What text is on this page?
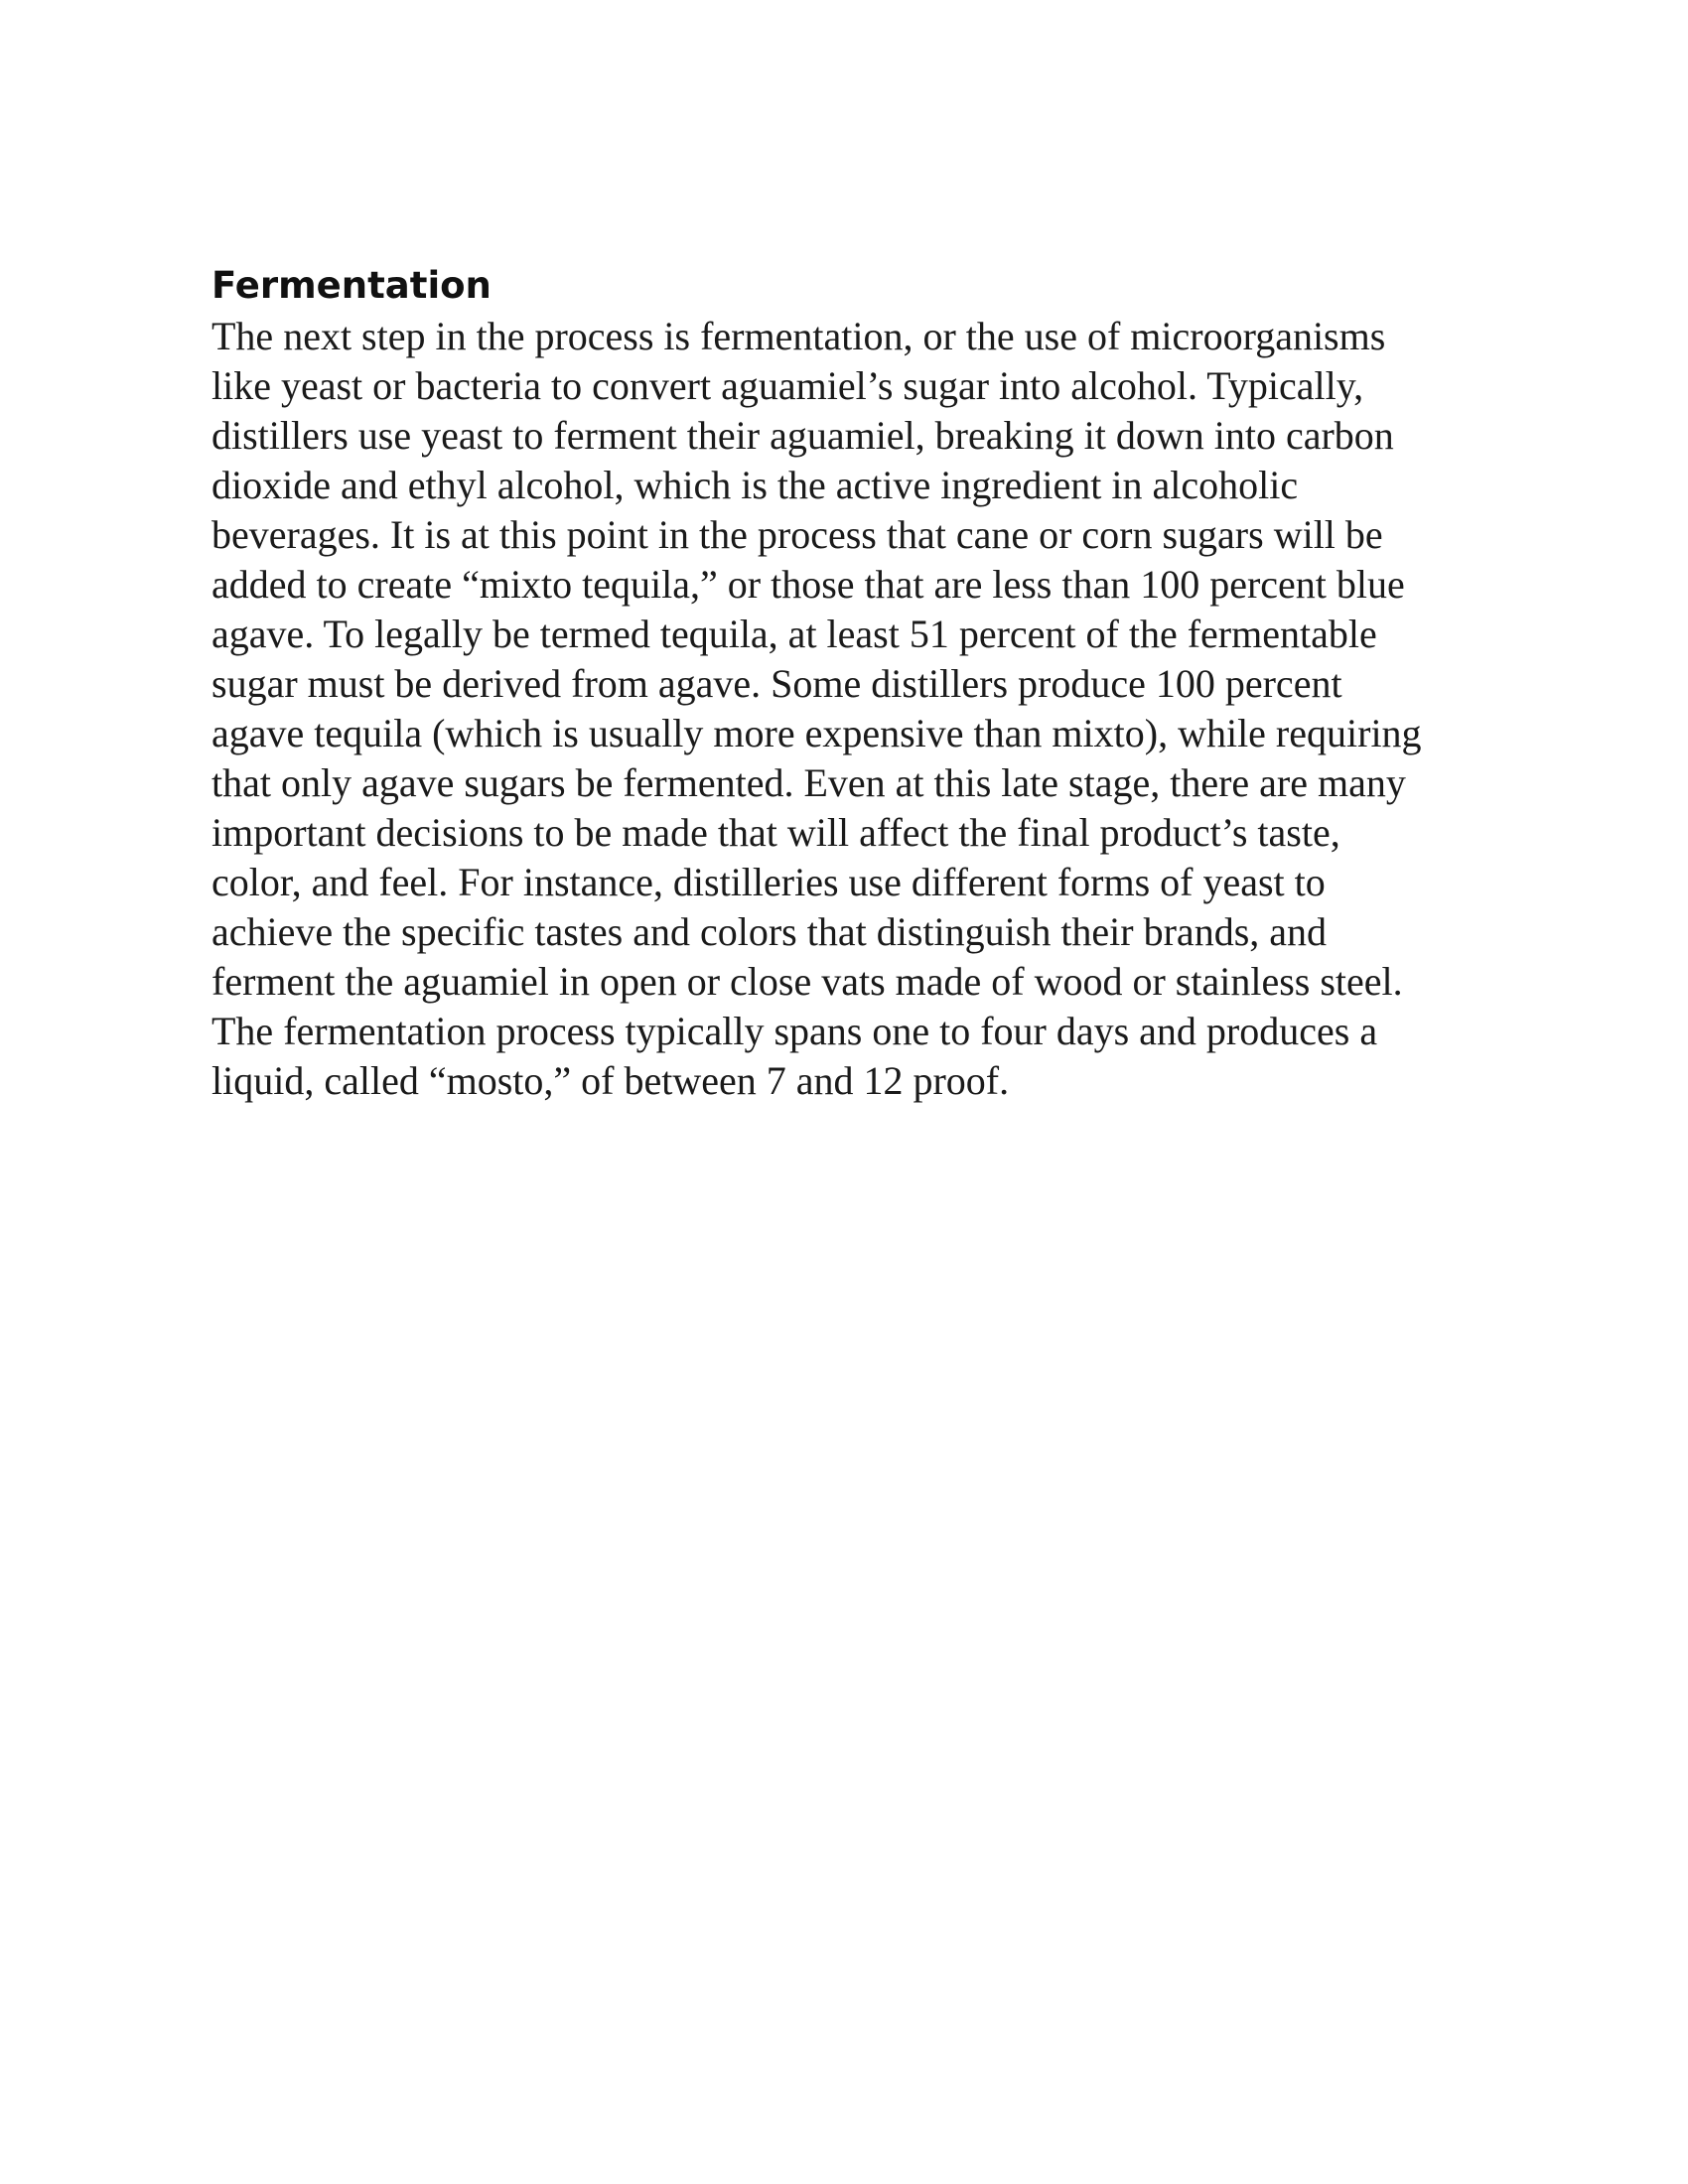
Fermentation

The next step in the process is fermentation, or the use of microorganisms
like yeast or bacteria to convert aguamiel’s sugar into alcohol. Typically,
distillers use yeast to ferment their aguamiel, breaking it down into carbon
dioxide and ethyl alcohol, which is the active ingredient in alcoholic
beverages. It is at this point in the process that cane or corn sugars will be
added to create “mixto tequila,” or those that are less than 100 percent blue
agave. To legally be termed tequila, at least 51 percent of the fermentable
sugar must be derived from agave. Some distillers produce 100 percent
agave tequila (which is usually more expensive than mixto), while requiring
that only agave sugars be fermented. Even at this late stage, there are many
important decisions to be made that will affect the final product’s taste,
color, and feel. For instance, distilleries use different forms of yeast to
achieve the specific tastes and colors that distinguish their brands, and
ferment the aguamiel in open or close vats made of wood or stainless steel.
The fermentation process typically spans one to four days and produces a
liquid, called “mosto,” of between 7 and 12 proof.
